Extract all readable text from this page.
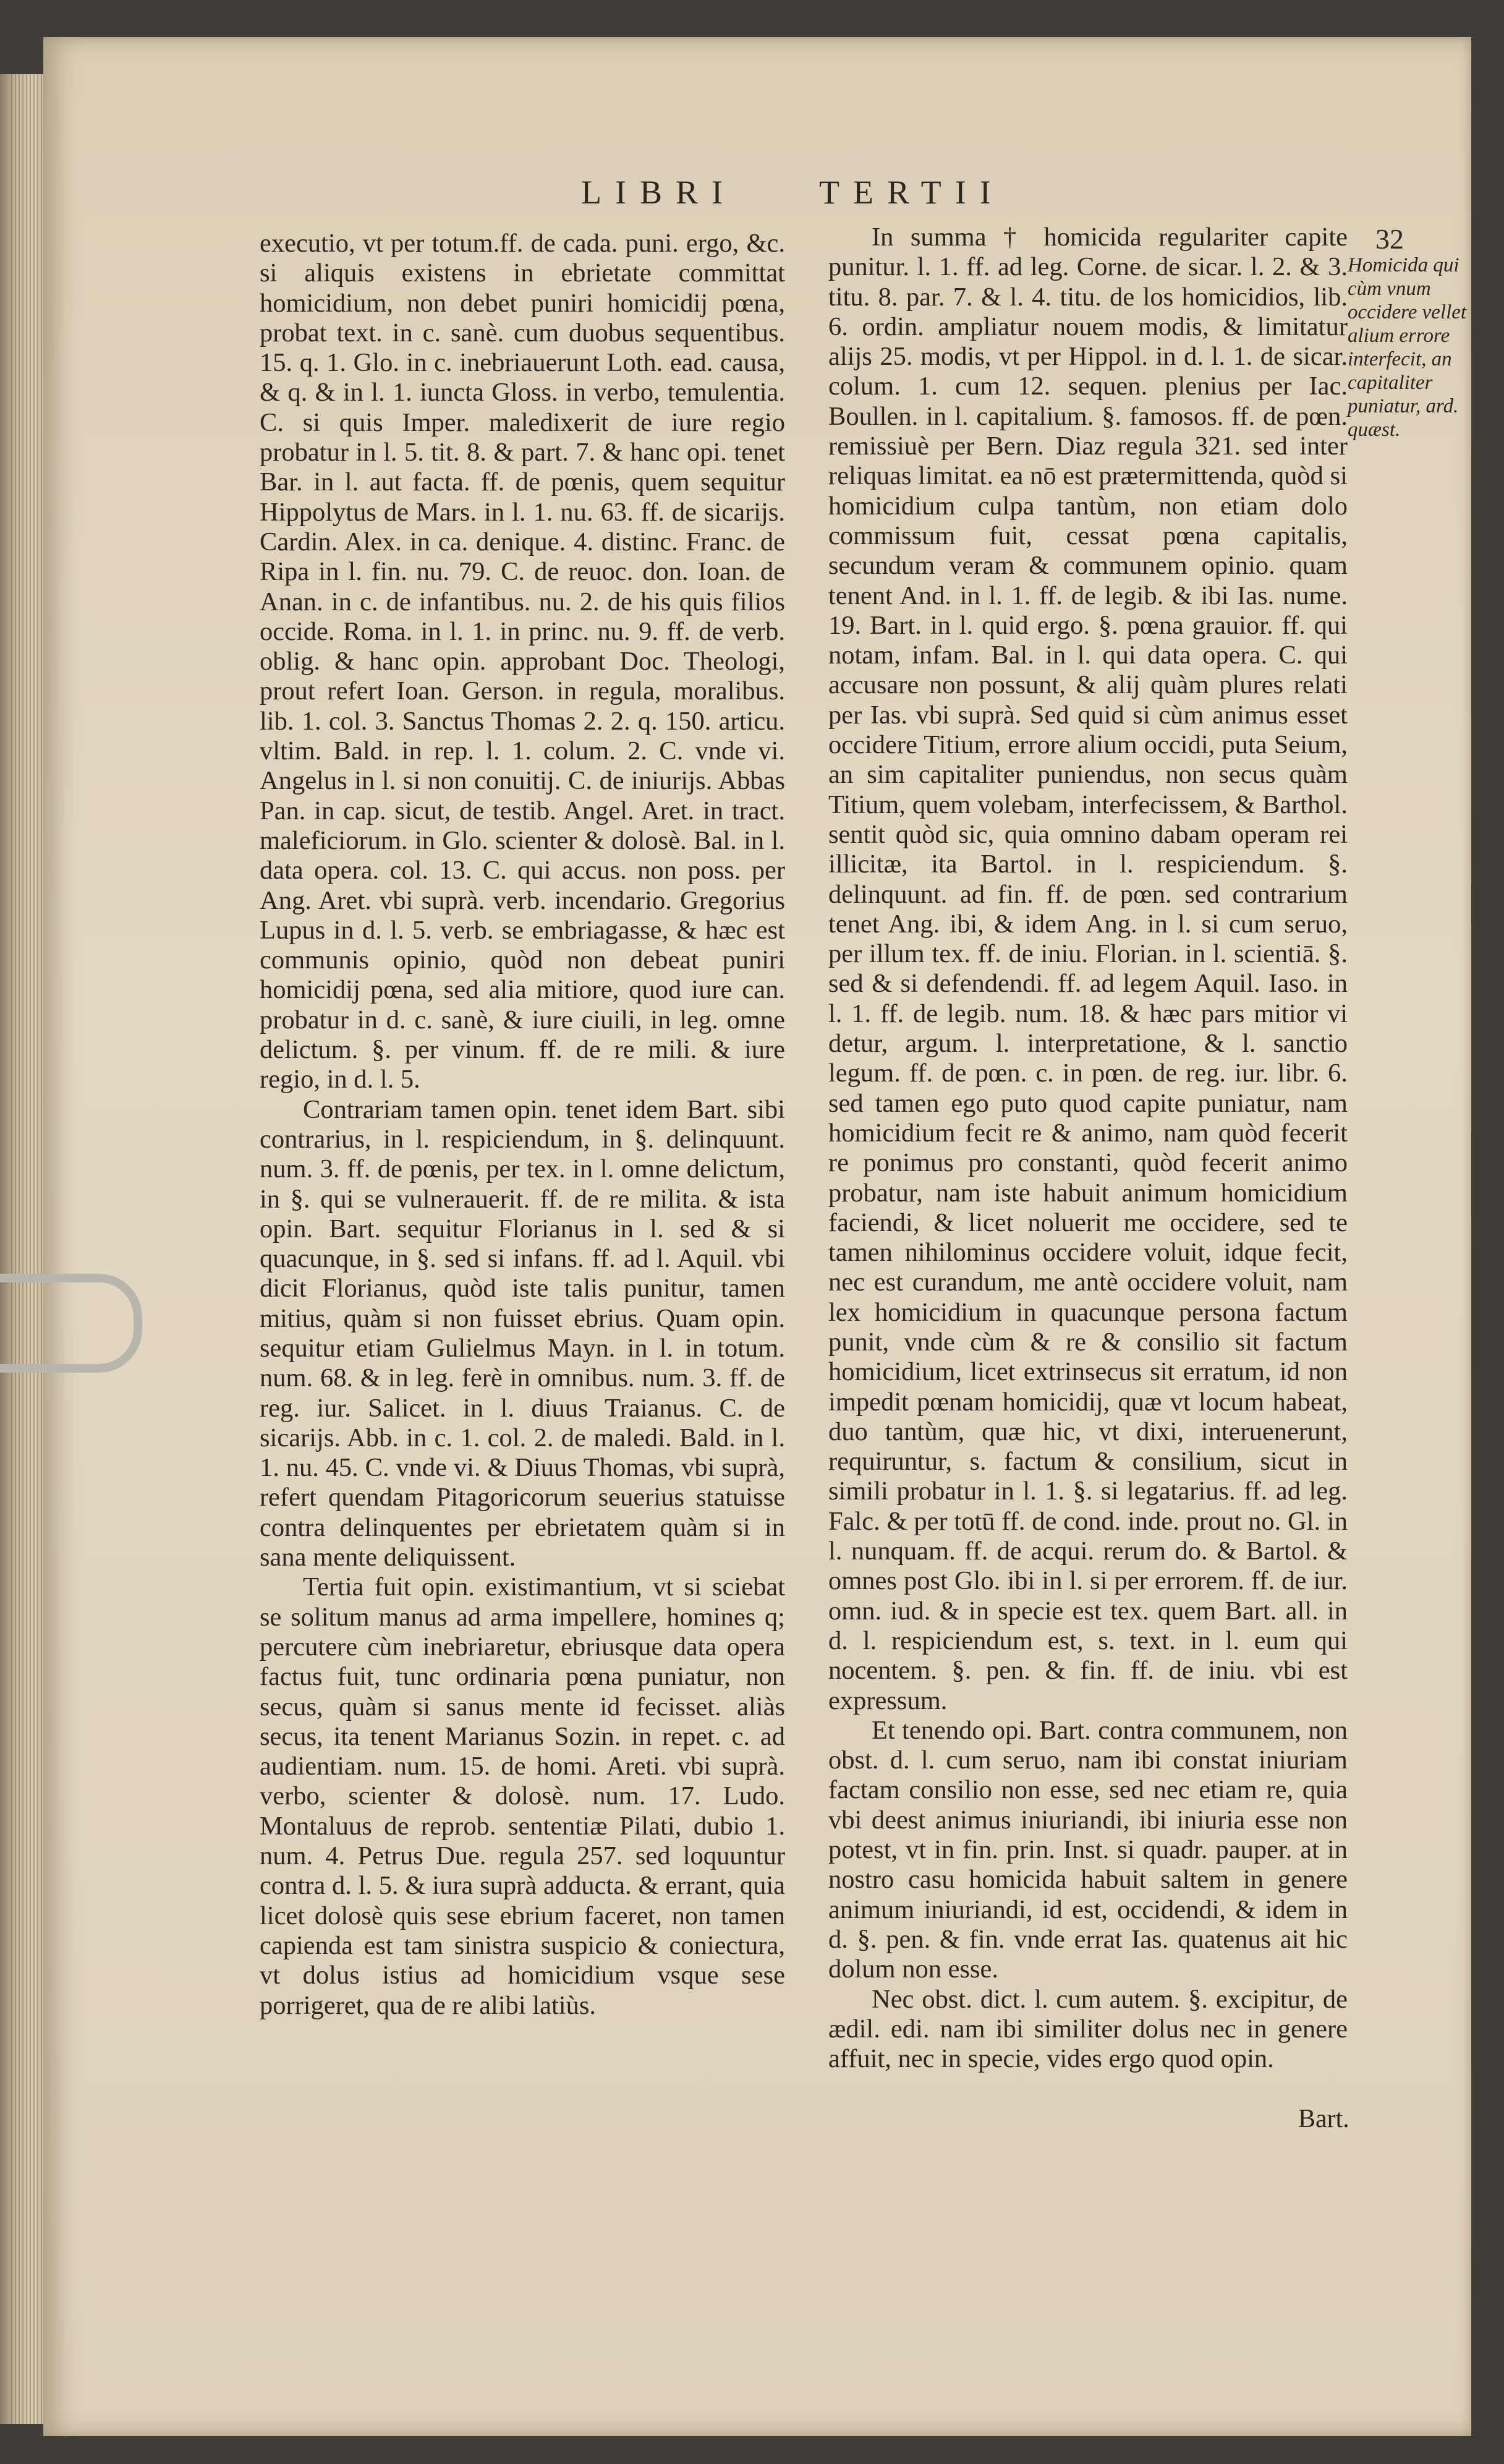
LIBRI TERTII
32

executio, vt per totum.ff. de cada. puni. ergo, &c. si aliquis existens in ebrietate committat homicidium, non debet puniri homicidij pœna, probat text. in c. sanè. cum duobus sequentibus. 15. q. 1. Glo. in c. inebriauerunt Loth. ead. causa, & q. & in l. 1. iuncta Gloss. in verbo, temulentia. C. si quis Imper. maledixerit de iure regio probatur in l. 5. tit. 8. & part. 7. & hanc opi. tenet Bar. in l. aut facta. ff. de pœnis, quem sequitur Hippolytus de Mars. in l. 1. nu. 63. ff. de sicarijs. Cardin. Alex. in ca. denique. 4. distinc. Franc. de Ripa in l. fin. nu. 79. C. de reuoc. don. Ioan. de Anan. in c. de infantibus. nu. 2. de his quis filios occide. Roma. in l. 1. in princ. nu. 9. ff. de verb. oblig. & hanc opin. approbant Doc. Theologi, prout refert Ioan. Gerson. in regula, moralibus. lib. 1. col. 3. Sanctus Thomas 2. 2. q. 150. articu. vltim. Bald. in rep. l. 1. colum. 2. C. vnde vi. Angelus in l. si non conuitij. C. de iniurijs. Abbas Pan. in cap. sicut, de testib. Angel. Aret. in tract. maleficiorum. in Glo. scienter & dolosè. Bal. in l. data opera. col. 13. C. qui accus. non poss. per Ang. Aret. vbi suprà. verb. incendario. Gregorius Lupus in d. l. 5. verb. se embriagasse, & hæc est communis opinio, quòd non debeat puniri homicidij pœna, sed alia mitiore, quod iure can. probatur in d. c. sanè, & iure ciuili, in leg. omne delictum. §. per vinum. ff. de re mili. & iure regio, in d. l. 5.

Contrariam tamen opin. tenet idem Bart. sibi contrarius, in l. respiciendum, in §. delinquunt. num. 3. ff. de pœnis, per tex. in l. omne delictum, in §. qui se vulnerauerit. ff. de re milita. & ista opin. Bart. sequitur Florianus in l. sed & si quacunque, in §. sed si infans. ff. ad l. Aquil. vbi dicit Florianus, quòd iste talis punitur, tamen mitius, quàm si non fuisset ebrius. Quam opin. sequitur etiam Gulielmus Mayn. in l. in totum. num. 68. & in leg. ferè in omnibus. num. 3. ff. de reg. iur. Salicet. in l. diuus Traianus. C. de sicarijs. Abb. in c. 1. col. 2. de maledi. Bald. in l. 1. nu. 45. C. vnde vi. & Diuus Thomas, vbi suprà, refert quendam Pitagoricorum seuerius statuisse contra delinquentes per ebrietatem quàm si in sana mente deliquissent.

Tertia fuit opin. existimantium, vt si sciebat se solitum manus ad arma impellere, homines q; percutere cùm inebriaretur, ebriusque data opera factus fuit, tunc ordinaria pœna puniatur, non secus, quàm si sanus mente id fecisset. aliàs secus, ita tenent Marianus Sozin. in repet. c. ad audientiam. num. 15. de homi. Areti. vbi suprà. verbo, scienter & dolosè. num. 17. Ludo. Montaluus de reprob. sententiæ Pilati, dubio 1. num. 4. Petrus Due. regula 257. sed loquuntur contra d. l. 5. & iura suprà adducta. & errant, quia licet dolosè quis sese ebrium faceret, non tamen capienda est tam sinistra suspicio & coniectura, vt dolus istius ad homicidium vsque sese porrigeret, qua de re alibi latiùs.

In summa † homicida regulariter capite punitur. l. 1. ff. ad leg. Corne. de sicar. l. 2. & 3. titu. 8. par. 7. & l. 4. titu. de los homicidios, lib. 6. ordin. ampliatur nouem modis, & limitatur alijs 25. modis, vt per Hippol. in d. l. 1. de sicar. colum. 1. cum 12. sequen. plenius per Iac. Boullen. in l. capitalium. §. famosos. ff. de pœn. remissiuè per Bern. Diaz regula 321. sed inter reliquas limitat. ea nō est prætermittenda, quòd si homicidium culpa tantùm, non etiam dolo commissum fuit, cessat pœna capitalis, secundum veram & communem opinio. quam tenent And. in l. 1. ff. de legib. & ibi Ias. nume. 19. Bart. in l. quid ergo. §. pœna grauior. ff. qui notam, infam. Bal. in l. qui data opera. C. qui accusare non possunt, & alij quàm plures relati per Ias. vbi suprà. Sed quid si cùm animus esset occidere Titium, errore alium occidi, puta Seium, an sim capitaliter puniendus, non secus quàm Titium, quem volebam, interfecissem, & Barthol. sentit quòd sic, quia omnino dabam operam rei illicitæ, ita Bartol. in l. respiciendum. §. delinquunt. ad fin. ff. de pœn. sed contrarium tenet Ang. ibi, & idem Ang. in l. si cum seruo, per illum tex. ff. de iniu. Florian. in l. scientiā. §. sed & si defendendi. ff. ad legem Aquil. Iaso. in l. 1. ff. de legib. num. 18. & hæc pars mitior vi detur, argum. l. interpretatione, & l. sanctio legum. ff. de pœn. c. in pœn. de reg. iur. libr. 6. sed tamen ego puto quod capite puniatur, nam homicidium fecit re & animo, nam quòd fecerit re ponimus pro constanti, quòd fecerit animo probatur, nam iste habuit animum homicidium faciendi, & licet noluerit me occidere, sed te tamen nihilominus occidere voluit, idque fecit, nec est curandum, me antè occidere voluit, nam lex homicidium in quacunque persona factum punit, vnde cùm & re & consilio sit factum homicidium, licet extrinsecus sit erratum, id non impedit pœnam homicidij, quæ vt locum habeat, duo tantùm, quæ hic, vt dixi, interuenerunt, requiruntur, s. factum & consilium, sicut in simili probatur in l. 1. §. si legatarius. ff. ad leg. Falc. & per totū ff. de cond. inde. prout no. Gl. in l. nunquam. ff. de acqui. rerum do. & Bartol. & omnes post Glo. ibi in l. si per errorem. ff. de iur. omn. iud. & in specie est tex. quem Bart. all. in d. l. respiciendum est, s. text. in l. eum qui nocentem. §. pen. & fin. ff. de iniu. vbi est expressum.

Et tenendo opi. Bart. contra communem, non obst. d. l. cum seruo, nam ibi constat iniuriam factam consilio non esse, sed nec etiam re, quia vbi deest animus iniuriandi, ibi iniuria esse non potest, vt in fin. prin. Inst. si quadr. pauper. at in nostro casu homicida habuit saltem in genere animum iniuriandi, id est, occidendi, & idem in d. §. pen. & fin. vnde errat Ias. quatenus ait hic dolum non esse.

Nec obst. dict. l. cum autem. §. excipitur, de ædil. edi. nam ibi similiter dolus nec in genere affuit, nec in specie, vides ergo quod opin.

Homicida qui cùm vnum occidere vellet alium errore interfecit, an capitaliter puniatur, ard. quæst.
Bart.
